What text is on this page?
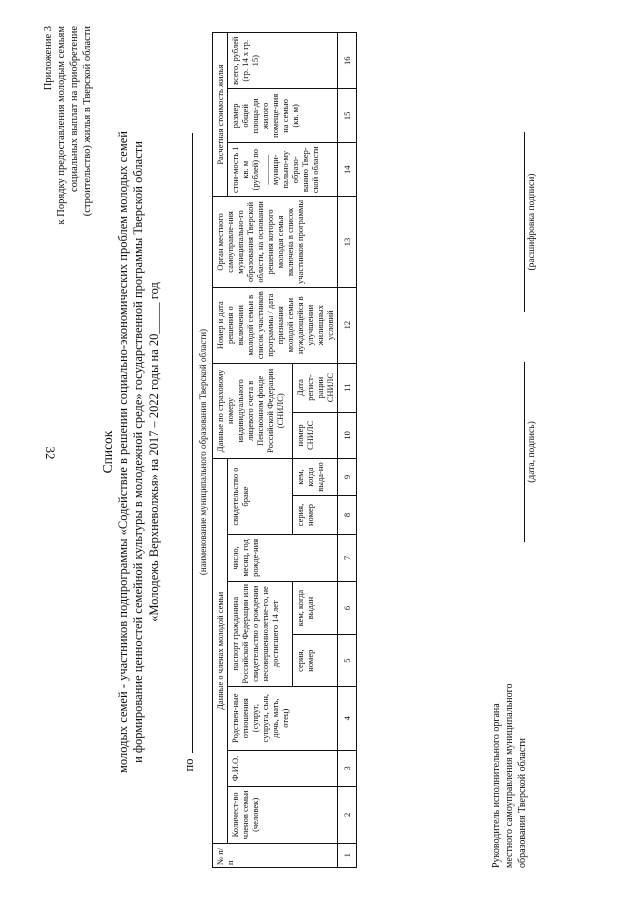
32
Приложение 3 к Порядку предоставления молодым семьям социальных выплат на приобретение (строительство) жилья в Тверской области
Список молодых семей - участников подпрограммы «Содействие в решении социально-экономических проблем молодых семей и формирование ценностей семейной культуры в молодежной среде» государственной программы Тверской области «Молодежь Верхневолжья» на 2017 – 2022 годы на 20_____ год
по
(наименование муниципального образования Тверской области)
№ п/п	Данные о членах молодой семьи								Данные по страховому номеру индивидуального лицевого счета в Пенсионном фонде Российской Федерации (СНИЛС)		Номер и дата решения о включении молодой семьи в список участников программы / дата признания молодой семьи нуждающейся в улучшении жилищных условий	Орган местного самоуправле-ния муниципально-го образования Тверской области, на основании решения которого молодая семья включена в список участников программы	Расчетная стоимость жилья		
	Количест-во членов семьи (человек)	Ф.И.О.	Родствен-ные отношения (супруг, супруга, сын, дочь, мать, отец)	паспорт гражданина Российской Федерации или свидетельство о рождении несовершеннолетне-го, не достигшего 14 лет		число, месяц, год рожде-ния	свидетельство о браке						стои-мость 1 кв. м (рублей) по _______ муници-пально-му образо-ванию Твер-ской области	размер общей площа-ди жилого помеще-ния на семью (кв. м)	всего, рублей (гр. 14 х гр. 15)
				серия, номер	кем, когда выдан		серия, номер	кем, когда выда-но	номер СНИЛС	Дата регист-рации СНИЛС					
1	2	3	4	5	6	7	8	9	10	11	12	13	14	15	16
Руководитель исполнительного органа местного самоуправления муниципального образования Тверской области
(дата, подпись)
(расшифровка подписи)
